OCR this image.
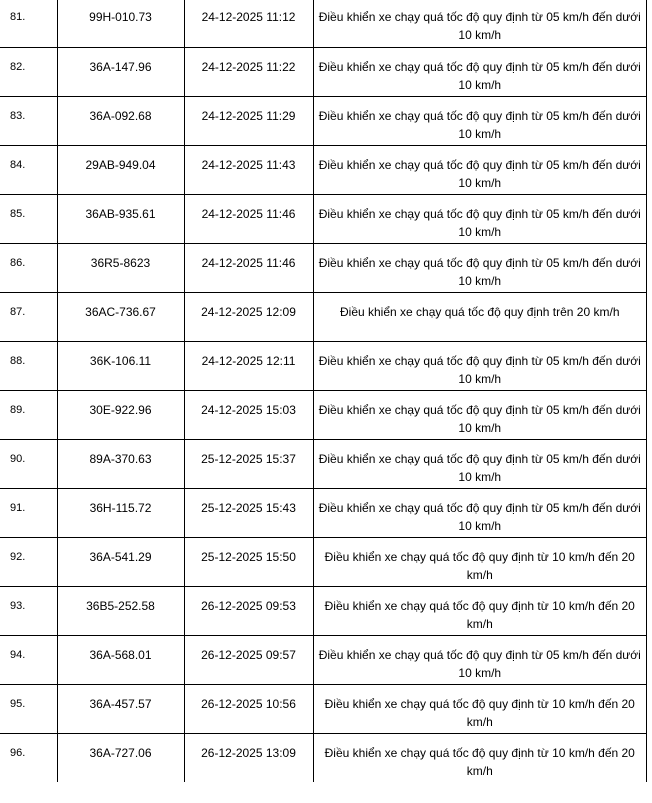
81.	99H-010.73	24-12-2025 11:12	Điều khiển xe chạy quá tốc độ quy định từ 05 km/h đến dưới 10 km/h
82.	36A-147.96	24-12-2025 11:22	Điều khiển xe chạy quá tốc độ quy định từ 05 km/h đến dưới 10 km/h
83.	36A-092.68	24-12-2025 11:29	Điều khiển xe chạy quá tốc độ quy định từ 05 km/h đến dưới 10 km/h
84.	29AB-949.04	24-12-2025 11:43	Điều khiển xe chạy quá tốc độ quy định từ 05 km/h đến dưới 10 km/h
85.	36AB-935.61	24-12-2025 11:46	Điều khiển xe chạy quá tốc độ quy định từ 05 km/h đến dưới 10 km/h
86.	36R5-8623	24-12-2025 11:46	Điều khiển xe chạy quá tốc độ quy định từ 05 km/h đến dưới 10 km/h
87.	36AC-736.67	24-12-2025 12:09	Điều khiển xe chạy quá tốc độ quy định trên 20 km/h
88.	36K-106.11	24-12-2025 12:11	Điều khiển xe chạy quá tốc độ quy định từ 05 km/h đến dưới 10 km/h
89.	30E-922.96	24-12-2025 15:03	Điều khiển xe chạy quá tốc độ quy định từ 05 km/h đến dưới 10 km/h
90.	89A-370.63	25-12-2025 15:37	Điều khiển xe chạy quá tốc độ quy định từ 05 km/h đến dưới 10 km/h
91.	36H-115.72	25-12-2025 15:43	Điều khiển xe chạy quá tốc độ quy định từ 05 km/h đến dưới 10 km/h
92.	36A-541.29	25-12-2025 15:50	Điều khiển xe chạy quá tốc độ quy định từ 10 km/h đến 20 km/h
93.	36B5-252.58	26-12-2025 09:53	Điều khiển xe chạy quá tốc độ quy định từ 10 km/h đến 20 km/h
94.	36A-568.01	26-12-2025 09:57	Điều khiển xe chạy quá tốc độ quy định từ 05 km/h đến dưới 10 km/h
95.	36A-457.57	26-12-2025 10:56	Điều khiển xe chạy quá tốc độ quy định từ 10 km/h đến 20 km/h
96.	36A-727.06	26-12-2025 13:09	Điều khiển xe chạy quá tốc độ quy định từ 10 km/h đến 20 km/h
